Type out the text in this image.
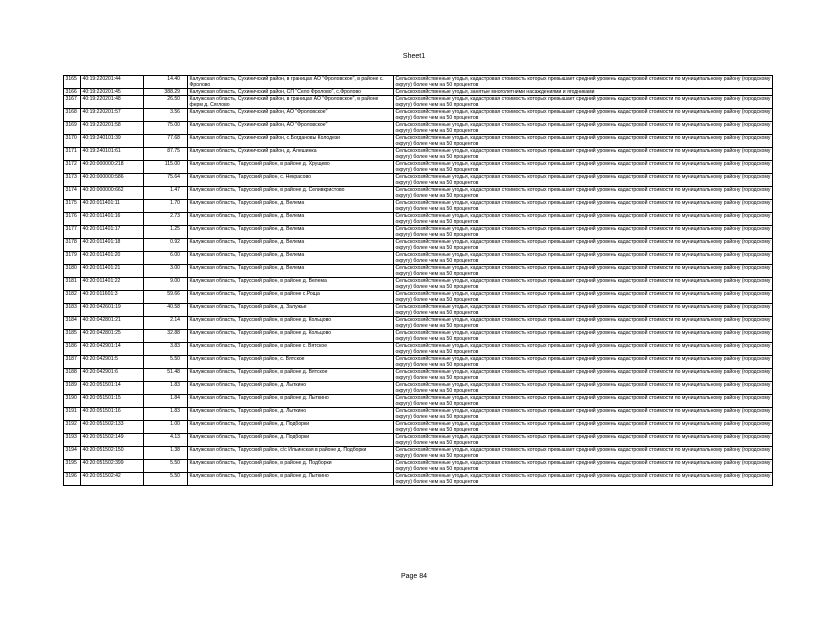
Sheet1
3165	40:19:220201:44	14.40	Калужская область, Сухиничский район, в границах АО "Фроловское", в районе с. Фролово	Сельскохозяйственные угодья, кадастровая стоимость которых превышает средний уровень кадастровой стоимости по муниципальному району (городскому округу) более чем на 50 процентов
3166	40:19:220201:45	388.29	Калужская область, Сухиничский район, СП "Село Фролово", с.Фролово	Сельскохозяйственные угодья, занятые многолетними насаждениями и ягодниками
3167	40:19:220201:48	26.50	Калужская область, Сухиничский район, в границах АО "Фроловское", в районе ферм д. Сяглово	Сельскохозяйственные угодья, кадастровая стоимость которых превышает средний уровень кадастровой стоимости по муниципальному району (городскому округу) более чем на 50 процентов
3168	40:19:220201:57	3.56	Калужская область, Сухиничский район, АО "Фроловское"	Сельскохозяйственные угодья, кадастровая стоимость которых превышает средний уровень кадастровой стоимости по муниципальному району (городскому округу) более чем на 50 процентов
3169	40:19:220201:58	75.00	Калужская область, Сухиничский район, АО "Фроловское"	Сельскохозяйственные угодья, кадастровая стоимость которых превышает средний уровень кадастровой стоимости по муниципальному району (городскому округу) более чем на 50 процентов
3170	40:19:240101:39	77.68	Калужская область, Сухиничский район, с.Богдановы Колодези	Сельскохозяйственные угодья, кадастровая стоимость которых превышает средний уровень кадастровой стоимости по муниципальному району (городскому округу) более чем на 50 процентов
3171	40:19:240101:61	87.75	Калужская область, Сухиничский район, д. Алешинка	Сельскохозяйственные угодья, кадастровая стоимость которых превышает средний уровень кадастровой стоимости по муниципальному району (городскому округу) более чем на 50 процентов
3172	40:20:000000:218	115.00	Калужская область, Тарусский район, в районе д. Хрущево	Сельскохозяйственные угодья, кадастровая стоимость которых превышает средний уровень кадастровой стоимости по муниципальному району (городскому округу) более чем на 50 процентов
3173	40:20:000000:586	75.64	Калужская область, Тарусский район, с. Некрасово	Сельскохозяйственные угодья, кадастровая стоимость которых превышает средний уровень кадастровой стоимости по муниципальному району (городскому округу) более чем на 50 процентов
3174	40:20:000000:662	1.47	Калужская область, Тарусский район, в районе д. Селивкристово	Сельскохозяйственные угодья, кадастровая стоимость которых превышает средний уровень кадастровой стоимости по муниципальному району (городскому округу) более чем на 50 процентов
3175	40:20:011401:11	1.70	Калужская область, Тарусский район, д. Велема	Сельскохозяйственные угодья, кадастровая стоимость которых превышает средний уровень кадастровой стоимости по муниципальному району (городскому округу) более чем на 50 процентов
3176	40:20:011401:16	2.73	Калужская область, Тарусский район, д. Велема	Сельскохозяйственные угодья, кадастровая стоимость которых превышает средний уровень кадастровой стоимости по муниципальному району (городскому округу) более чем на 50 процентов
3177	40:20:011401:17	1.25	Калужская область, Тарусский район, д. Велема	Сельскохозяйственные угодья, кадастровая стоимость которых превышает средний уровень кадастровой стоимости по муниципальному району (городскому округу) более чем на 50 процентов
3178	40:20:011401:18	0.92	Калужская область, Тарусский район, д. Велема	Сельскохозяйственные угодья, кадастровая стоимость которых превышает средний уровень кадастровой стоимости по муниципальному району (городскому округу) более чем на 50 процентов
3179	40:20:011401:20	6.00	Калужская область, Тарусский район, д. Велема	Сельскохозяйственные угодья, кадастровая стоимость которых превышает средний уровень кадастровой стоимости по муниципальному району (городскому округу) более чем на 50 процентов
3180	40:20:011401:21	3.00	Калужская область, Тарусский район, д. Велема	Сельскохозяйственные угодья, кадастровая стоимость которых превышает средний уровень кадастровой стоимости по муниципальному району (городскому округу) более чем на 50 процентов
3181	40:20:011401:22	9.00	Калужская область, Тарусский район, в районе д. Велема	Сельскохозяйственные угодья, кадастровая стоимость которых превышает средний уровень кадастровой стоимости по муниципальному району (городскому округу) более чем на 50 процентов
3182	40:20:011601:3	59.66	Калужская область, Тарусский район, в районе с.Роща	Сельскохозяйственные угодья, кадастровая стоимость которых превышает средний уровень кадастровой стоимости по муниципальному району (городскому округу) более чем на 50 процентов
3183	40:20:042601:19	40.58	Калужская область, Тарусский район, д. Залужье	Сельскохозяйственные угодья, кадастровая стоимость которых превышает средний уровень кадастровой стоимости по муниципальному району (городскому округу) более чем на 50 процентов
3184	40:20:042801:21	2.14	Калужская область, Тарусский район, в районе д. Кольцово	Сельскохозяйственные угодья, кадастровая стоимость которых превышает средний уровень кадастровой стоимости по муниципальному району (городскому округу) более чем на 50 процентов
3185	40:20:042801:25	32.88	Калужская область, Тарусский район, в районе д. Кольцово	Сельскохозяйственные угодья, кадастровая стоимость которых превышает средний уровень кадастровой стоимости по муниципальному району (городскому округу) более чем на 50 процентов
3186	40:20:042901:14	3.83	Калужская область, Тарусский район, в районе с. Вятское	Сельскохозяйственные угодья, кадастровая стоимость которых превышает средний уровень кадастровой стоимости по муниципальному району (городскому округу) более чем на 50 процентов
3187	40:20:042901:5	5.50	Калужская область, Тарусский район, с. Вятское	Сельскохозяйственные угодья, кадастровая стоимость которых превышает средний уровень кадастровой стоимости по муниципальному району (городскому округу) более чем на 50 процентов
3188	40:20:042901:6	51.48	Калужская область, Тарусский район, в районе д. Вятское	Сельскохозяйственные угодья, кадастровая стоимость которых превышает средний уровень кадастровой стоимости по муниципальному району (городскому округу) более чем на 50 процентов
3189	40:20:051501:14	1.83	Калужская область, Тарусский район, д. Лыткино	Сельскохозяйственные угодья, кадастровая стоимость которых превышает средний уровень кадастровой стоимости по муниципальному району (городскому округу) более чем на 50 процентов
3190	40:20:051501:15	1.84	Калужская область, Тарусский район, в районе д. Лыткино	Сельскохозяйственные угодья, кадастровая стоимость которых превышает средний уровень кадастровой стоимости по муниципальному району (городскому округу) более чем на 50 процентов
3191	40:20:051501:16	1.83	Калужская область, Тарусский район, д. Лыткино	Сельскохозяйственные угодья, кадастровая стоимость которых превышает средний уровень кадастровой стоимости по муниципальному району (городскому округу) более чем на 50 процентов
3192	40:20:051502:133	1.00	Калужская область, Тарусский район, д. Подборки	Сельскохозяйственные угодья, кадастровая стоимость которых превышает средний уровень кадастровой стоимости по муниципальному району (городскому округу) более чем на 50 процентов
3193	40:20:051502:149	4.13	Калужская область, Тарусский район, д. Подборки	Сельскохозяйственные угодья, кадастровая стоимость которых превышает средний уровень кадастровой стоимости по муниципальному району (городскому округу) более чем на 50 процентов
3194	40:20:051502:150	1.38	Калужская область, Тарусский район, с/с Ильинская в районе д. Подборки	Сельскохозяйственные угодья, кадастровая стоимость которых превышает средний уровень кадастровой стоимости по муниципальному району (городскому округу) более чем на 50 процентов
3195	40:20:051502:399	5.50	Калужская область, Тарусский район, в районе д. Подборки	Сельскохозяйственные угодья, кадастровая стоимость которых превышает средний уровень кадастровой стоимости по муниципальному району (городскому округу) более чем на 50 процентов
3196	40:20:051502:42	5.50	Калужская область, Тарусский район, в районе д. Лыткино	Сельскохозяйственные угодья, кадастровая стоимость которых превышает средний уровень кадастровой стоимости по муниципальному району (городскому округу) более чем на 50 процентов
Page 84
